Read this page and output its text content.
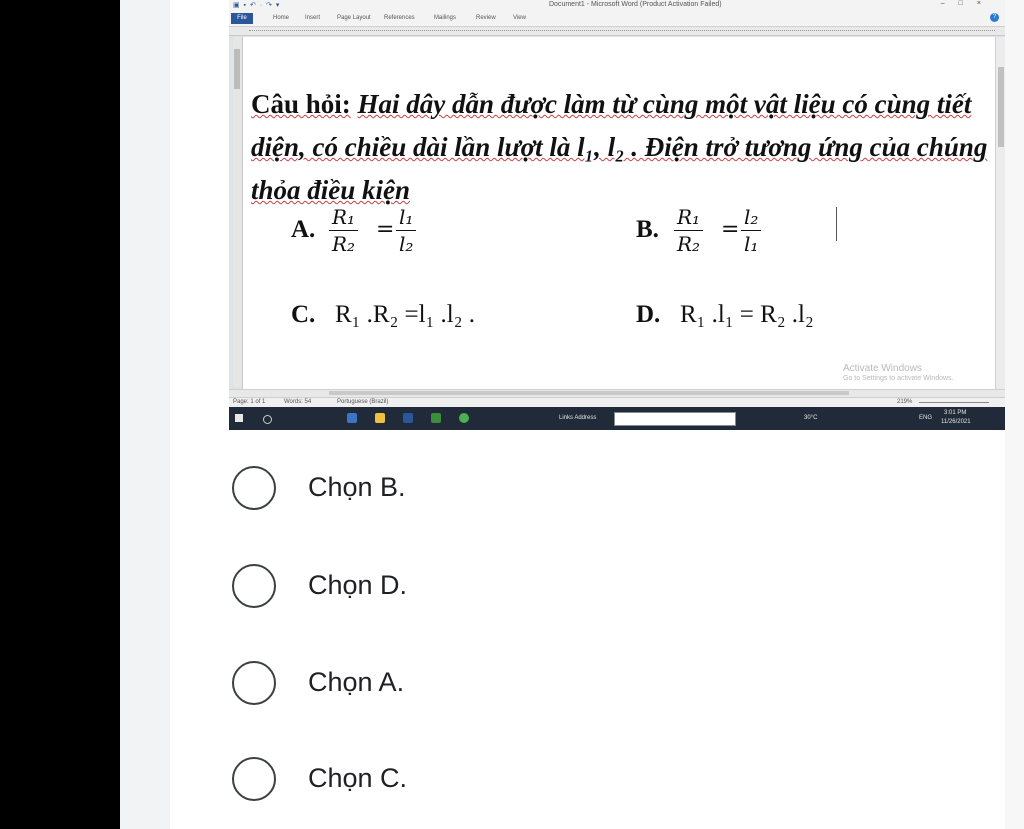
▣ ▪ ↶ · ↷ ▾	Document1 - Microsoft Word (Product Activation Failed)	–□×
File	Home	Insert	Page Layout References	Mailings	Review	View	?
Câu hỏi: Hai dây dẫn được làm từ cùng một vật liệu có cùng tiết diện, có chiều dài lần lượt là l₁, l₂ . Điện trở tương ứng của chúng thỏa điều kiện
A. $\frac{\text{R₁}}{\text{R₂}} = \frac{\text{l₁}}{\text{l₂}}$	B. $\frac{\text{R₁}}{\text{R₂}} = \frac{\text{l₂}}{\text{l₁}}$
C. R₁ .R₂ =l₁ .l₂ .	D. R₁ .l₁ = R₂ .l₂
Activate Windows
Go to Settings to activate Windows.
Page: 1 of 1	Words: 54	Portuguese (Brazil)	219%
Links Address	30°C	ENG
3:01 PM
11/26/2021
Chọn B.
Chọn D.
Chọn A.
Chọn C.
